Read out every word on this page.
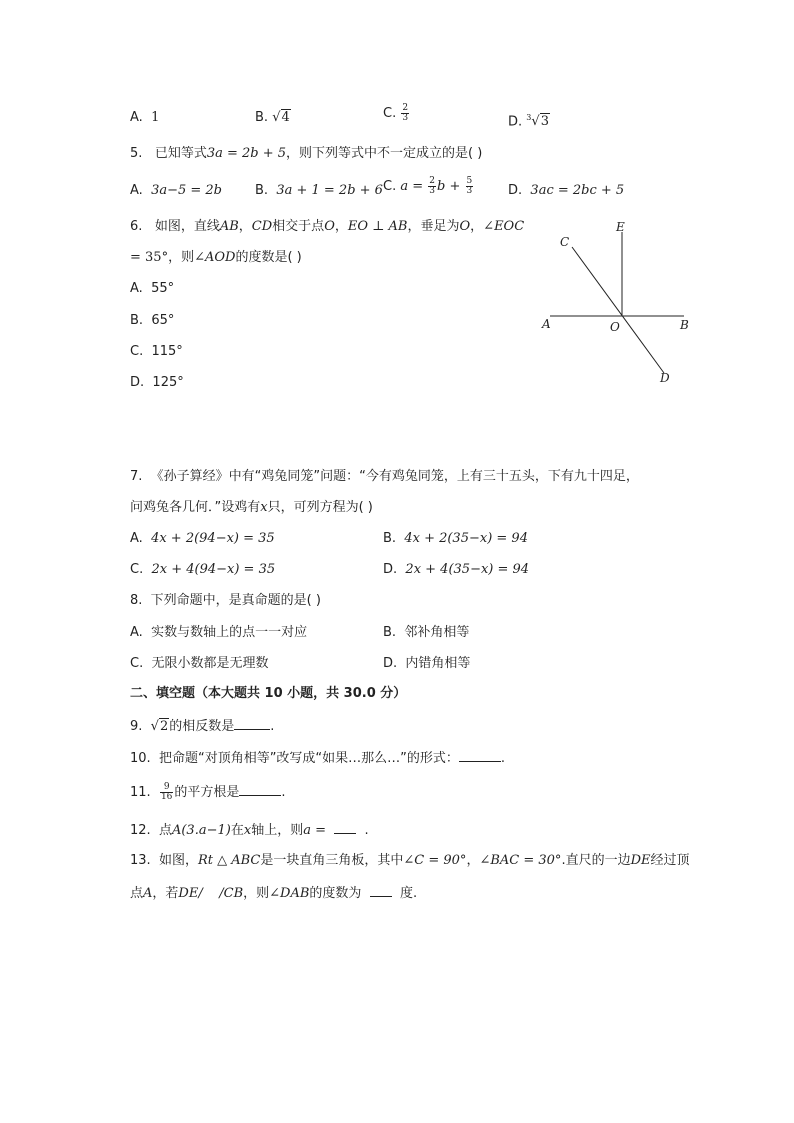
A. 1	B. √4	C. $\frac{2}{3}$	D. $^3$√3
5. 已知等式3a = 2b + 5，则下列等式中不一定成立的是( )
A. 3a−5 = 2b	B. 3a + 1 = 2b + 6 C. $a = \frac{2}{3}$ $b + \frac{5}{3}$	D. 3ac = 2bc + 5
6. 如图，直线AB，CD相交于点O，EO ⊥ AB，垂足为O，∠EOC
= 35°，则∠AOD的度数是( )
A. 55°
B. 65°
C. 115°
D. 125°
C
E
A	O	B
D
7. 《孙子算经》中有“鸡兔同笼”问题：“今有鸡兔同笼，上有三十五头，下有九十四足，
问鸡兔各几何．”设鸡有x只，可列方程为( )
A. 4x + 2(94−x) = 35	B. 4x + 2(35−x) = 94
C. 2x + 4(94−x) = 35	D. 2x + 4(35−x) = 94
8. 下列命题中，是真命题的是( )
A. 实数与数轴上的点一一对应	B. 邻补角相等
C. 无限小数都是无理数	D. 内错角相等
二、填空题（本大题共 10 小题，共 30.0 分）
9. √2的相反数是	.
10. 把命题“对顶角相等”改写成“如果…那么…”的形式：	.
11. $\frac{9}{16}$ 的平方根是	.
12. 点A(3.a−1)在x轴上，则a =	.
13. 如图，Rt △ ABC是一块直角三角板，其中∠C = 90°，∠BAC = 30°.直尺的一边DE经过顶
点A，若DE/    /CB，则∠DAB的度数为	度.
